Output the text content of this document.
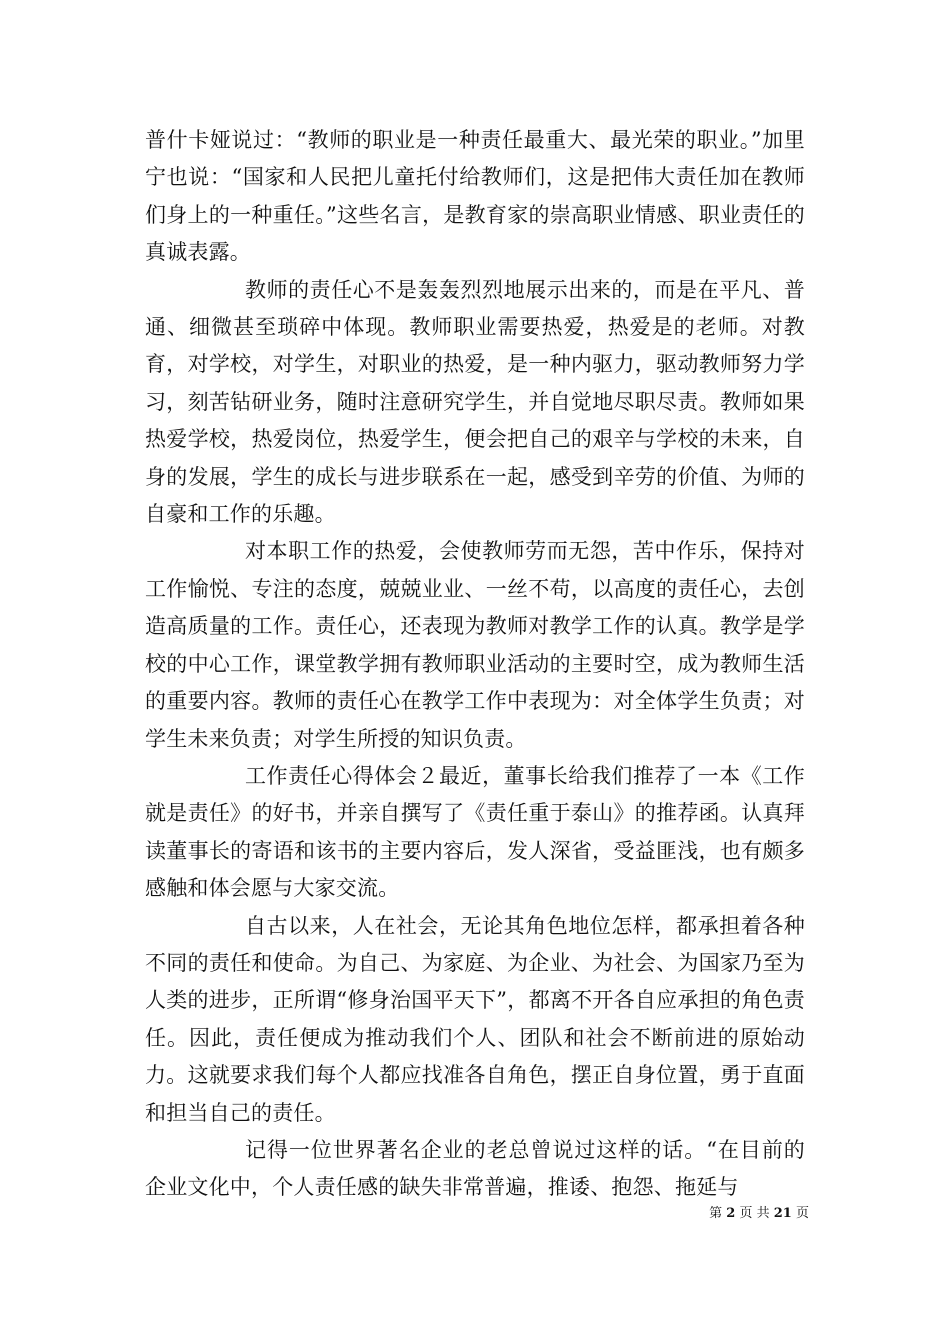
普什卡娅说过：“教师的职业是一种责任最重大、最光荣的职业。”加里宁也说：“国家和人民把儿童托付给教师们，这是把伟大责任加在教师们身上的一种重任。”这些名言，是教育家的崇高职业情感、职业责任的真诚表露。

教师的责任心不是轰轰烈烈地展示出来的，而是在平凡、普通、细微甚至琐碎中体现。教师职业需要热爱，热爱是的老师。对教育，对学校，对学生，对职业的热爱，是一种内驱力，驱动教师努力学习，刻苦钻研业务，随时注意研究学生，并自觉地尽职尽责。教师如果热爱学校，热爱岗位，热爱学生，便会把自己的艰辛与学校的未来，自身的发展，学生的成长与进步联系在一起，感受到辛劳的价值、为师的自豪和工作的乐趣。

对本职工作的热爱，会使教师劳而无怨，苦中作乐，保持对工作愉悦、专注的态度，兢兢业业、一丝不苟，以高度的责任心，去创造高质量的工作。责任心，还表现为教师对教学工作的认真。教学是学校的中心工作，课堂教学拥有教师职业活动的主要时空，成为教师生活的重要内容。教师的责任心在教学工作中表现为：对全体学生负责；对学生未来负责；对学生所授的知识负责。

工作责任心得体会２最近，董事长给我们推荐了一本《工作就是责任》的好书，并亲自撰写了《责任重于泰山》的推荐函。认真拜读董事长的寄语和该书的主要内容后，发人深省，受益匪浅，也有颇多感触和体会愿与大家交流。

自古以来，人在社会，无论其角色地位怎样，都承担着各种不同的责任和使命。为自己、为家庭、为企业、为社会、为国家乃至为人类的进步，正所谓“修身治国平天下”，都离不开各自应承担的角色责任。因此，责任便成为推动我们个人、团队和社会不断前进的原始动力。这就要求我们每个人都应找准各自角色，摆正自身位置，勇于直面和担当自己的责任。

记得一位世界著名企业的老总曾说过这样的话。“在目前的企业文化中，个人责任感的缺失非常普遍，推诿、抱怨、拖延与

第 2 页 共 21 页
